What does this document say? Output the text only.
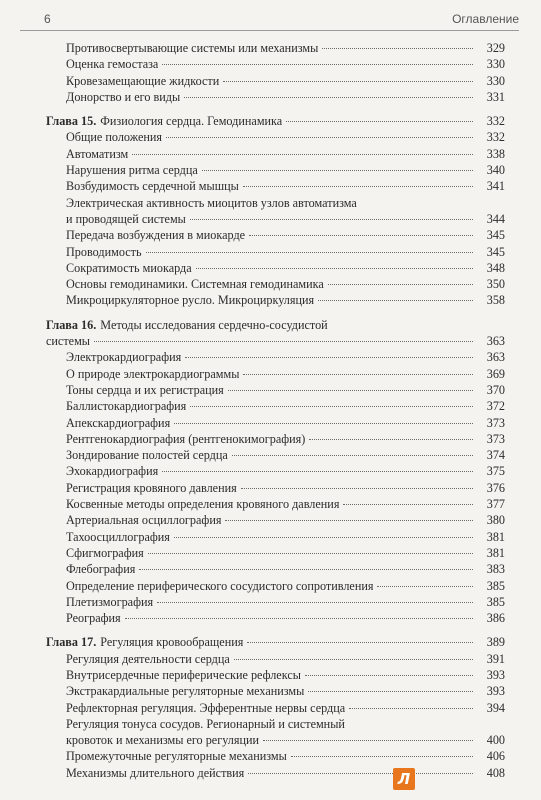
6	Оглавление
Противосвертывающие системы или механизмы	329
Оценка гемостаза	330
Кровезамещающие жидкости	330
Донорство и его виды	331
Глава 15. Физиология сердца. Гемодинамика	332
Общие положения	332
Автоматизм	338
Нарушения ритма сердца	340
Возбудимость сердечной мышцы	341
Электрическая активность миоцитов узлов автоматизма
и проводящей системы	344
Передача возбуждения в миокарде	345
Проводимость	345
Сократимость миокарда	348
Основы гемодинамики. Системная гемодинамика	350
Микроциркуляторное русло. Микроциркуляция	358
Глава 16. Методы исследования сердечно-сосудистой
системы	363
Электрокардиография	363
О природе электрокардиограммы	369
Тоны сердца и их регистрация	370
Баллистокардиография	372
Апекскардиография	373
Рентгенокардиография (рентгенокимография)	373
Зондирование полостей сердца	374
Эхокардиография	375
Регистрация кровяного давления	376
Косвенные методы определения кровяного давления	377
Артериальная осциллография	380
Тахоосциллография	381
Сфигмография	381
Флебография	383
Определение периферического сосудистого сопротивления	385
Плетизмография	385
Реография	386
Глава 17. Регуляция кровообращения	389
Регуляция деятельности сердца	391
Внутрисердечные периферические рефлексы	393
Экстракардиальные регуляторные механизмы	393
Рефлекторная регуляция. Эфферентные нервы сердца	394
Регуляция тонуса сосудов. Регионарный и системный
кровоток и механизмы его регуляции	400
Промежуточные регуляторные механизмы	406
Механизмы длительного действия	408
Л
